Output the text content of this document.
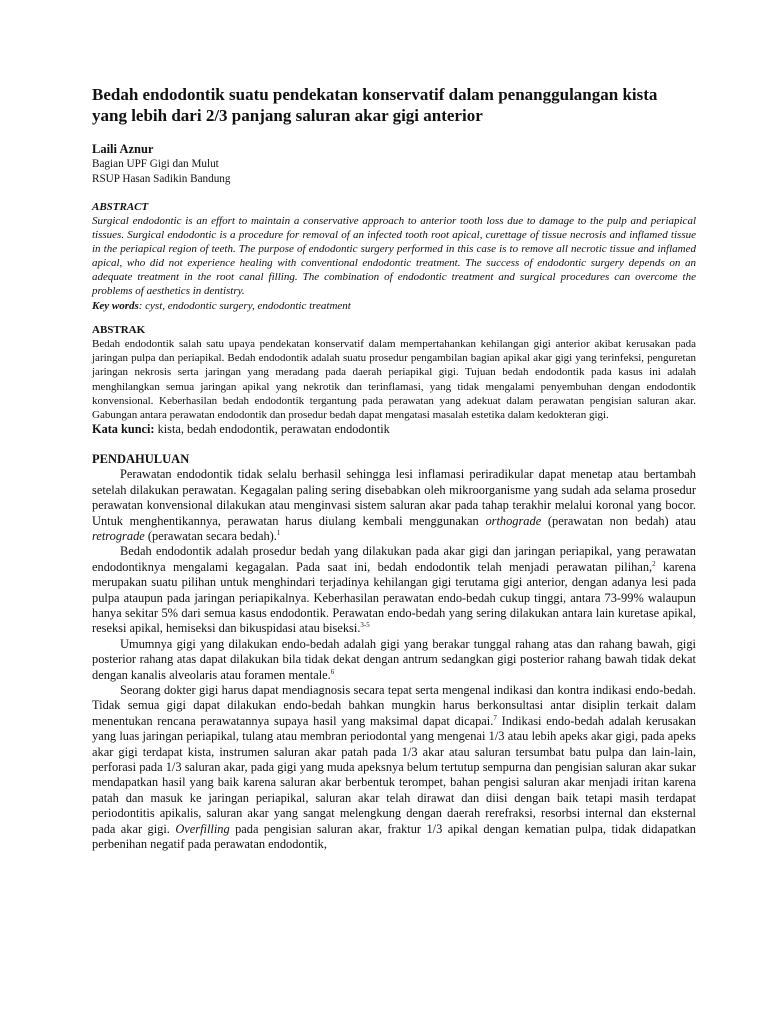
Bedah endodontik suatu pendekatan konservatif dalam penanggulangan kista yang lebih dari 2/3 panjang saluran akar gigi anterior
Laili Aznur
Bagian UPF Gigi dan Mulut
RSUP Hasan Sadikin Bandung
ABSTRACT
Surgical endodontic is an effort to maintain a conservative approach to anterior tooth loss due to damage to the pulp and periapical tissues. Surgical endodontic is a procedure for removal of an infected tooth root apical, curettage of tissue necrosis and inflamed tissue in the periapical region of teeth. The purpose of endodontic surgery performed in this case is to remove all necrotic tissue and inflamed apical, who did not experience healing with conventional endodontic treatment. The success of endodontic surgery depends on an adequate treatment in the root canal filling. The combination of endodontic treatment and surgical procedures can overcome the problems of aesthetics in dentistry.
Key words: cyst, endodontic surgery, endodontic treatment
ABSTRAK
Bedah endodontik salah satu upaya pendekatan konservatif dalam mempertahankan kehilangan gigi anterior akibat kerusakan pada jaringan pulpa dan periapikal. Bedah endodontik adalah suatu prosedur pengambilan bagian apikal akar gigi yang terinfeksi, penguretan jaringan nekrosis serta jaringan yang meradang pada daerah periapikal gigi. Tujuan bedah endodontik pada kasus ini adalah menghilangkan semua jaringan apikal yang nekrotik dan terinflamasi, yang tidak mengalami penyembuhan dengan endodontik konvensional. Keberhasilan bedah endodontik tergantung pada perawatan yang adekuat dalam perawatan pengisian saluran akar. Gabungan antara perawatan endodontik dan prosedur bedah dapat mengatasi masalah estetika dalam kedokteran gigi.
Kata kunci: kista, bedah endodontik, perawatan endodontik
PENDAHULUAN

Perawatan endodontik tidak selalu berhasil sehingga lesi inflamasi periradikular dapat menetap atau bertambah setelah dilakukan perawatan. Kegagalan paling sering disebabkan oleh mikroorganisme yang sudah ada selama prosedur perawatan konvensional dilakukan atau menginvasi sistem saluran akar pada tahap terakhir melalui koronal yang bocor. Untuk menghentikannya, perawatan harus diulang kembali menggunakan orthograde (perawatan non bedah) atau retrograde (perawatan secara bedah).$^1$

Bedah endodontik adalah prosedur bedah yang dilakukan pada akar gigi dan jaringan periapikal, yang perawatan endodontiknya mengalami kegagalan. Pada saat ini, bedah endodontik telah menjadi perawatan pilihan,$^2$ karena merupakan suatu pilihan untuk menghindari terjadinya kehilangan gigi terutama gigi anterior, dengan adanya lesi pada pulpa ataupun pada jaringan periapikalnya. Keberhasilan perawatan endo-bedah cukup tinggi, antara 73-99% walaupun hanya sekitar 5% dari semua kasus endodontik. Perawatan endo-bedah yang sering dilakukan antara lain kuretase apikal, reseksi apikal, hemiseksi dan bikuspidasi atau biseksi.$^{3-5}$

Umumnya gigi yang dilakukan endo-bedah adalah gigi yang berakar tunggal rahang atas dan rahang bawah, gigi posterior rahang atas dapat dilakukan bila tidak dekat dengan antrum sedangkan gigi posterior rahang bawah tidak dekat dengan kanalis alveolaris atau foramen mentale.$^6$

Seorang dokter gigi harus dapat mendiagnosis secara tepat serta mengenal indikasi dan kontra indikasi endo-bedah. Tidak semua gigi dapat dilakukan endo-bedah bahkan mungkin harus berkonsultasi antar disiplin terkait dalam menentukan rencana perawatannya supaya hasil yang maksimal dapat dicapai.$^7$ Indikasi endo-bedah adalah kerusakan yang luas jaringan periapikal, tulang atau membran periodontal yang mengenai 1/3 atau lebih apeks akar gigi, pada apeks akar gigi terdapat kista, instrumen saluran akar patah pada 1/3 akar atau saluran tersumbat batu pulpa dan lain-lain, perforasi pada 1/3 saluran akar, pada gigi yang muda apeksnya belum tertutup sempurna dan pengisian saluran akar sukar mendapatkan hasil yang baik karena saluran akar berbentuk terompet, bahan pengisi saluran akar menjadi iritan karena patah dan masuk ke jaringan periapikal, saluran akar telah dirawat dan diisi dengan baik tetapi masih terdapat periodontitis apikalis, saluran akar yang sangat melengkung dengan daerah rerefraksi, resorbsi internal dan eksternal pada akar gigi. Overfilling pada pengisian saluran akar, fraktur 1/3 apikal dengan kematian pulpa, tidak didapatkan perbenihan negatif pada perawatan endodontik,
